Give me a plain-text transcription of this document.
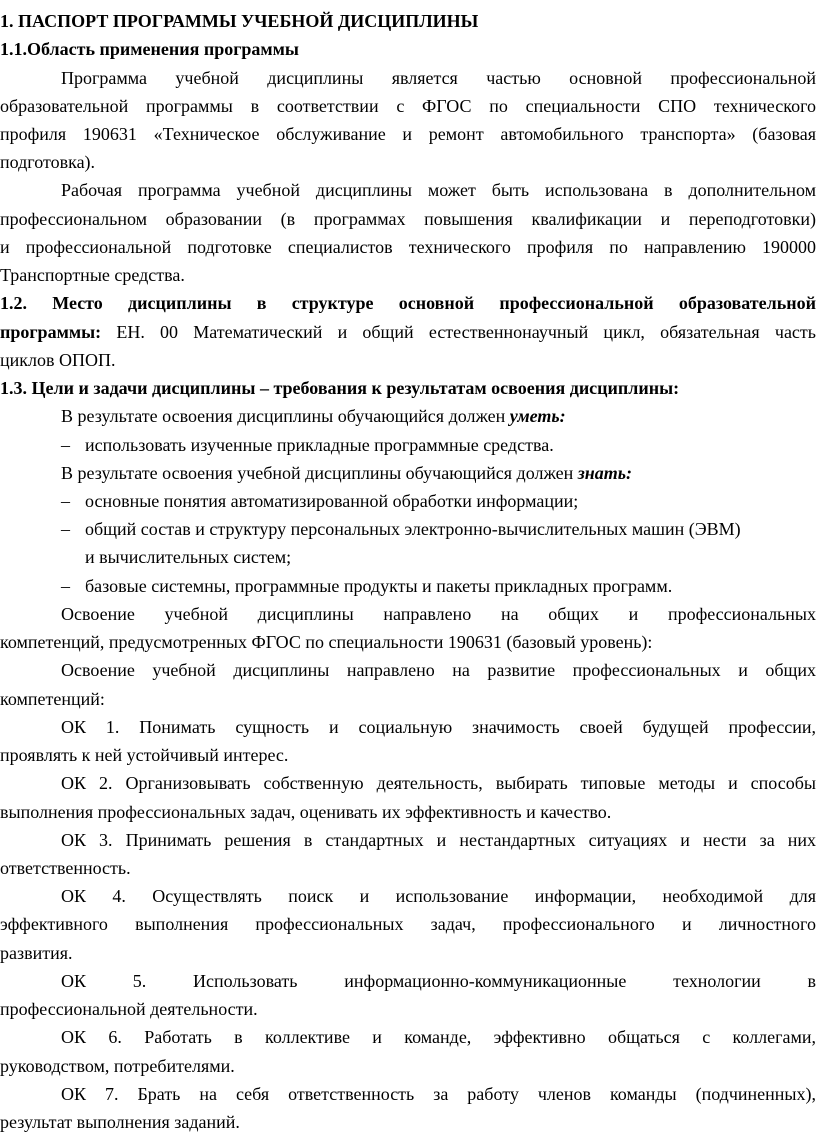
1. ПАСПОРТ ПРОГРАММЫ УЧЕБНОЙ ДИСЦИПЛИНЫ
1.1.Область применения программы
Программа учебной дисциплины является частью основной профессиональной
образовательной программы в соответствии с ФГОС по специальности СПО технического
профиля 190631 «Техническое обслуживание и ремонт автомобильного транспорта» (базовая
подготовка).
Рабочая программа учебной дисциплины может быть использована в дополнительном
профессиональном образовании (в программах повышения квалификации и переподготовки)
и профессиональной подготовке специалистов технического профиля по направлению 190000
Транспортные средства.
1.2. Место дисциплины в структуре основной профессиональной образовательной
программы: ЕН. 00 Математический и общий естественнонаучный цикл, обязательная часть
циклов ОПОП.
1.3. Цели и задачи дисциплины – требования к результатам освоения дисциплины:
В результате освоения дисциплины обучающийся должен уметь:
– использовать изученные прикладные программные средства.
В результате освоения учебной дисциплины обучающийся должен знать:
– основные понятия автоматизированной обработки информации;
– общий состав и структуру персональных электронно-вычислительных машин (ЭВМ)
и вычислительных систем;
– базовые системны, программные продукты и пакеты прикладных программ.
Освоение учебной дисциплины направлено на общих и профессиональных
компетенций, предусмотренных ФГОС по специальности 190631 (базовый уровень):
Освоение учебной дисциплины направлено на развитие профессиональных и общих
компетенций:
ОК 1. Понимать сущность и социальную значимость своей будущей профессии,
проявлять к ней устойчивый интерес.
ОК 2. Организовывать собственную деятельность, выбирать типовые методы и способы
выполнения профессиональных задач, оценивать их эффективность и качество.
ОК 3. Принимать решения в стандартных и нестандартных ситуациях и нести за них
ответственность.
ОК 4. Осуществлять поиск и использование информации, необходимой для
эффективного выполнения профессиональных задач, профессионального и личностного
развития.
ОК 5. Использовать информационно-коммуникационные технологии в
профессиональной деятельности.
ОК 6. Работать в коллективе и команде, эффективно общаться с коллегами,
руководством, потребителями.
ОК 7. Брать на себя ответственность за работу членов команды (подчиненных),
результат выполнения заданий.
